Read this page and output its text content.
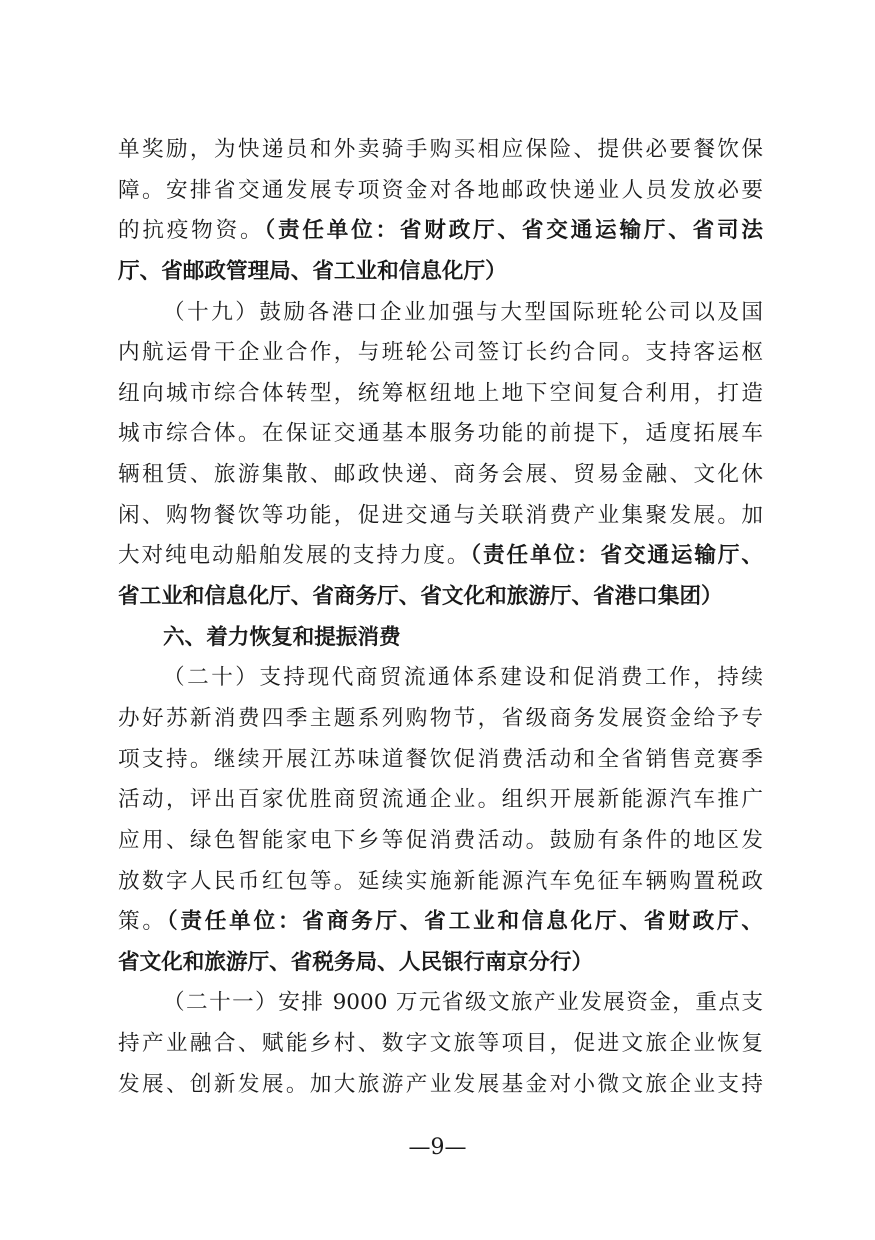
单奖励，为快递员和外卖骑手购买相应保险、提供必要餐饮保
障。安排省交通发展专项资金对各地邮政快递业人员发放必要
的抗疫物资。（责任单位：省财政厅、省交通运输厅、省司法
厅、省邮政管理局、省工业和信息化厅）
（十九）鼓励各港口企业加强与大型国际班轮公司以及国
内航运骨干企业合作，与班轮公司签订长约合同。支持客运枢
纽向城市综合体转型，统筹枢纽地上地下空间复合利用，打造
城市综合体。在保证交通基本服务功能的前提下，适度拓展车
辆租赁、旅游集散、邮政快递、商务会展、贸易金融、文化休
闲、购物餐饮等功能，促进交通与关联消费产业集聚发展。加
大对纯电动船舶发展的支持力度。（责任单位：省交通运输厅、
省工业和信息化厅、省商务厅、省文化和旅游厅、省港口集团）
六、着力恢复和提振消费
（二十）支持现代商贸流通体系建设和促消费工作，持续
办好苏新消费四季主题系列购物节，省级商务发展资金给予专
项支持。继续开展江苏味道餐饮促消费活动和全省销售竞赛季
活动，评出百家优胜商贸流通企业。组织开展新能源汽车推广
应用、绿色智能家电下乡等促消费活动。鼓励有条件的地区发
放数字人民币红包等。延续实施新能源汽车免征车辆购置税政
策。（责任单位：省商务厅、省工业和信息化厅、省财政厅、
省文化和旅游厅、省税务局、人民银行南京分行）
（二十一）安排 9000 万元省级文旅产业发展资金，重点支
持产业融合、赋能乡村、数字文旅等项目，促进文旅企业恢复
发展、创新发展。加大旅游产业发展基金对小微文旅企业支持
—9—
